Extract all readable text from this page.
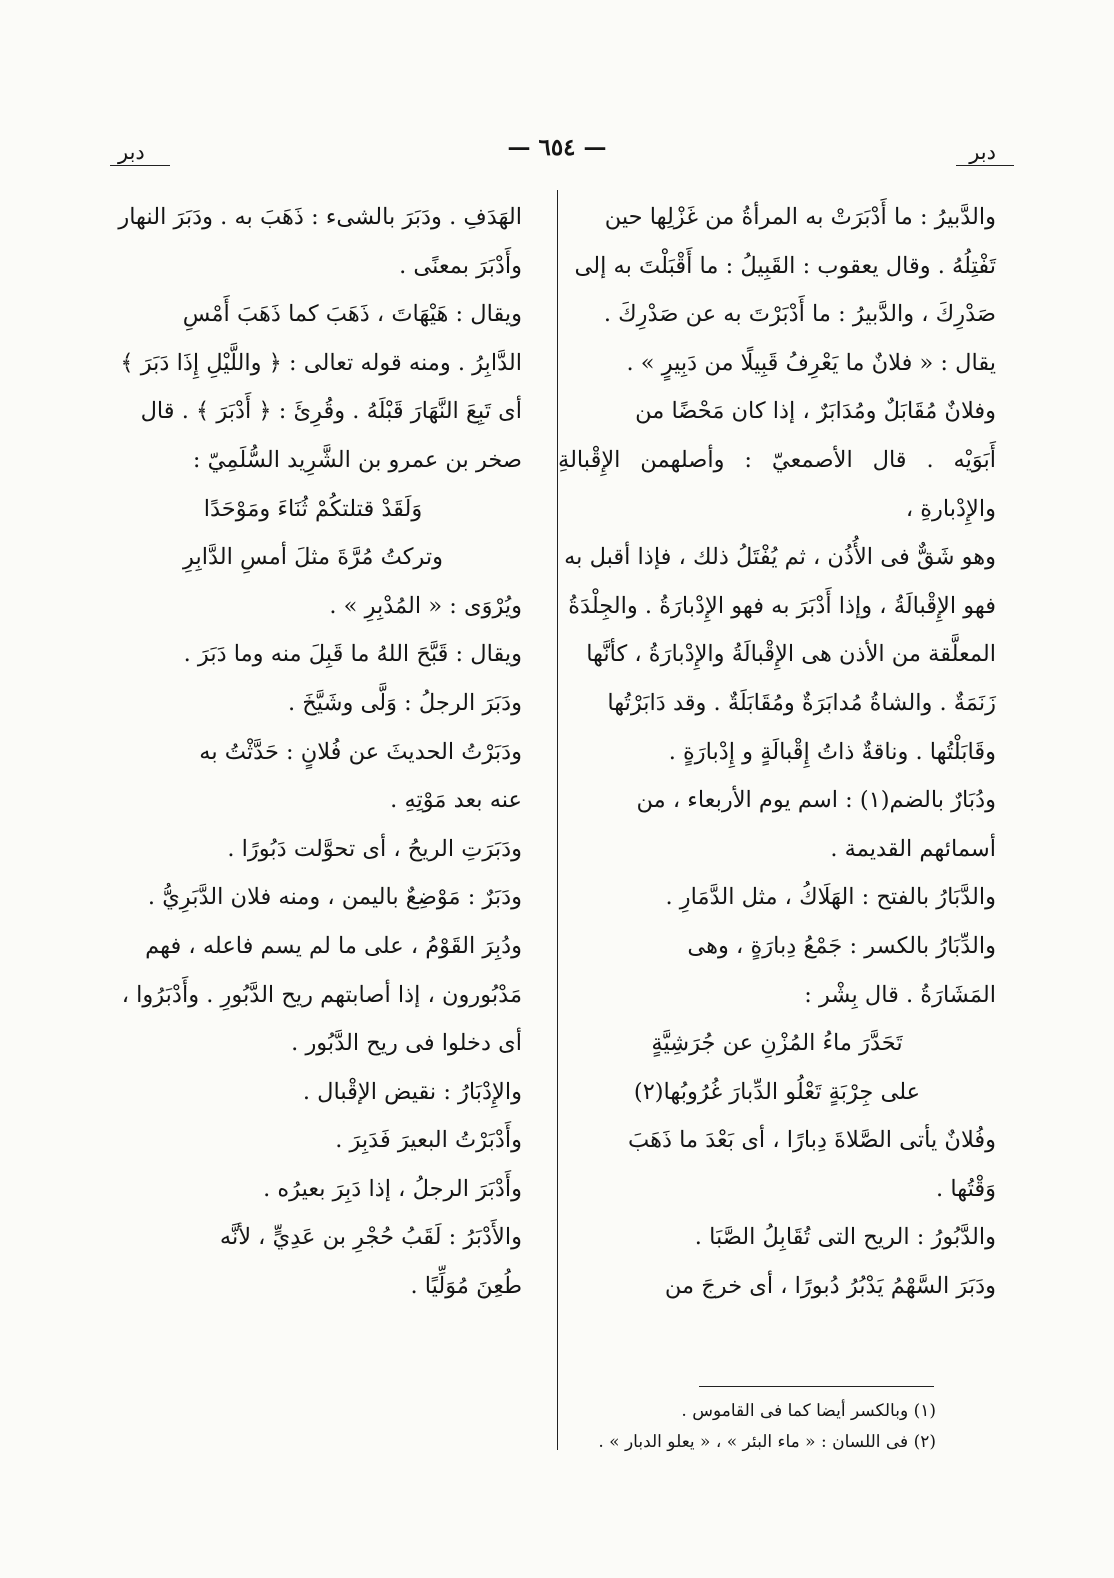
دبر
— ٦٥٤ —
دبر

والدَّبيرُ : ما أَدْبَرَتْ به المرأةُ من غَزْلِها حين

تَفْتِلُهُ . وقال يعقوب : القَبِيلُ : ما أَقْبَلْتَ به إلى

صَدْرِكَ ، والدَّبيرُ : ما أَدْبَرْتَ به عن صَدْرِكَ .

يقال : « فلانٌ ما يَعْرِفُ قَبِيلًا من دَبِيرٍ » .

وفلانٌ مُقَابَلٌ ومُدَابَرٌ ، إذا كان مَحْضًا من

أَبَوَيْه . قال الأصمعيّ : وأصلهمن الإِقْبالةِ والإِدْبارةِ ،

وهو شَقٌّ فى الأُذُن ، ثم يُفْتَلُ ذلك ، فإذا أقبل به

فهو الإِقْبالَةُ ، وإذا أَدْبَرَ به فهو الإِدْبارَةُ . والجِلْدَةُ

المعلَّقة من الأذن هى الإِقْبالَةُ والإِدْبارَةُ ، كأنَّها

زَنَمَةٌ . والشاةُ مُدابَرَةٌ ومُقَابَلَةٌ . وقد دَابَرْتُها

وقَابَلْتُها . وناقةٌ ذاتُ إِقْبالَةٍ و إِدْبارَةٍ .

ودُبَارٌ بالضم(١) : اسم يوم الأربعاء ، من

أسمائهم القديمة .

والدَّبَارُ بالفتح : الهَلَاكُ ، مثل الدَّمَارِ .

والدِّبَارُ بالكسر : جَمْعُ دِبارَةٍ ، وهى

المَشَارَةُ . قال بِشْر :

تَحَدَّرَ ماءُ المُزْنِ عن جُرَشِيَّةٍ

على جِرْبَةٍ تَعْلُو الدِّبارَ غُرُوبُها(٢)

وفُلانٌ يأتى الصَّلاةَ دِبارًا ، أى بَعْدَ ما ذَهَبَ

وَقْتُها .

والدَّبُورُ : الريح التى تُقَابِلُ الصَّبَا .

ودَبَرَ السَّهْمُ يَدْبُرُ دُبورًا ، أى خرجَ من

الهَدَفِ . ودَبَرَ بالشىء : ذَهَبَ به . ودَبَرَ النهار

وأَدْبَرَ بمعنًى .

ويقال : هَيْهَاتَ ، ذَهَبَ كما ذَهَبَ أَمْسِ

الدَّابِرُ . ومنه قوله تعالى : ﴿ واللَّيْلِ إِذَا دَبَرَ ﴾

أى تَبِعَ النَّهَارَ قَبْلَهُ . وقُرِئَ : ﴿ أَدْبَرَ ﴾ . قال

صخر بن عمرو بن الشَّرِيد السُّلَمِيّ :

وَلَقَدْ قتلتكُمْ ثُنَاءَ ومَوْحَدًا

وتركتُ مُرَّةَ مثلَ أمسِ الدَّابِرِ

ويُرْوَى : « المُدْبِرِ » .

ويقال : قَبَّحَ اللهُ ما قَبِلَ منه وما دَبَرَ .

ودَبَرَ الرجلُ : وَلَّى وشَيَّخَ .

ودَبَرْتُ الحديثَ عن فُلانٍ : حَدَّثْتُ به

عنه بعد مَوْتِهِ .

ودَبَرَتِ الريحُ ، أى تحوَّلت دَبُورًا .

ودَبَرٌ : مَوْضِعٌ باليمن ، ومنه فلان الدَّبَرِيُّ .

ودُبِرَ القَوْمُ ، على ما لم يسم فاعله ، فهم

مَدْبُورون ، إذا أصابتهم ريح الدَّبُورِ . وأَدْبَرُوا ،

أى دخلوا فى ريح الدَّبُور .

والإِدْبَارُ : نقيض الإقْبال .

وأَدْبَرْتُ البعيرَ فَدَبِرَ .

وأَدْبَرَ الرجلُ ، إذا دَبِرَ بعيرُه .

والأَدْبَرُ : لَقَبُ حُجْرِ بن عَدِيٍّ ، لأنَّه

طُعِنَ مُوَلِّيًا .

(١) وبالكسر أيضا كما فى القاموس .

(٢) فى اللسان : « ماء البئر » ، « يعلو الدبار » .
